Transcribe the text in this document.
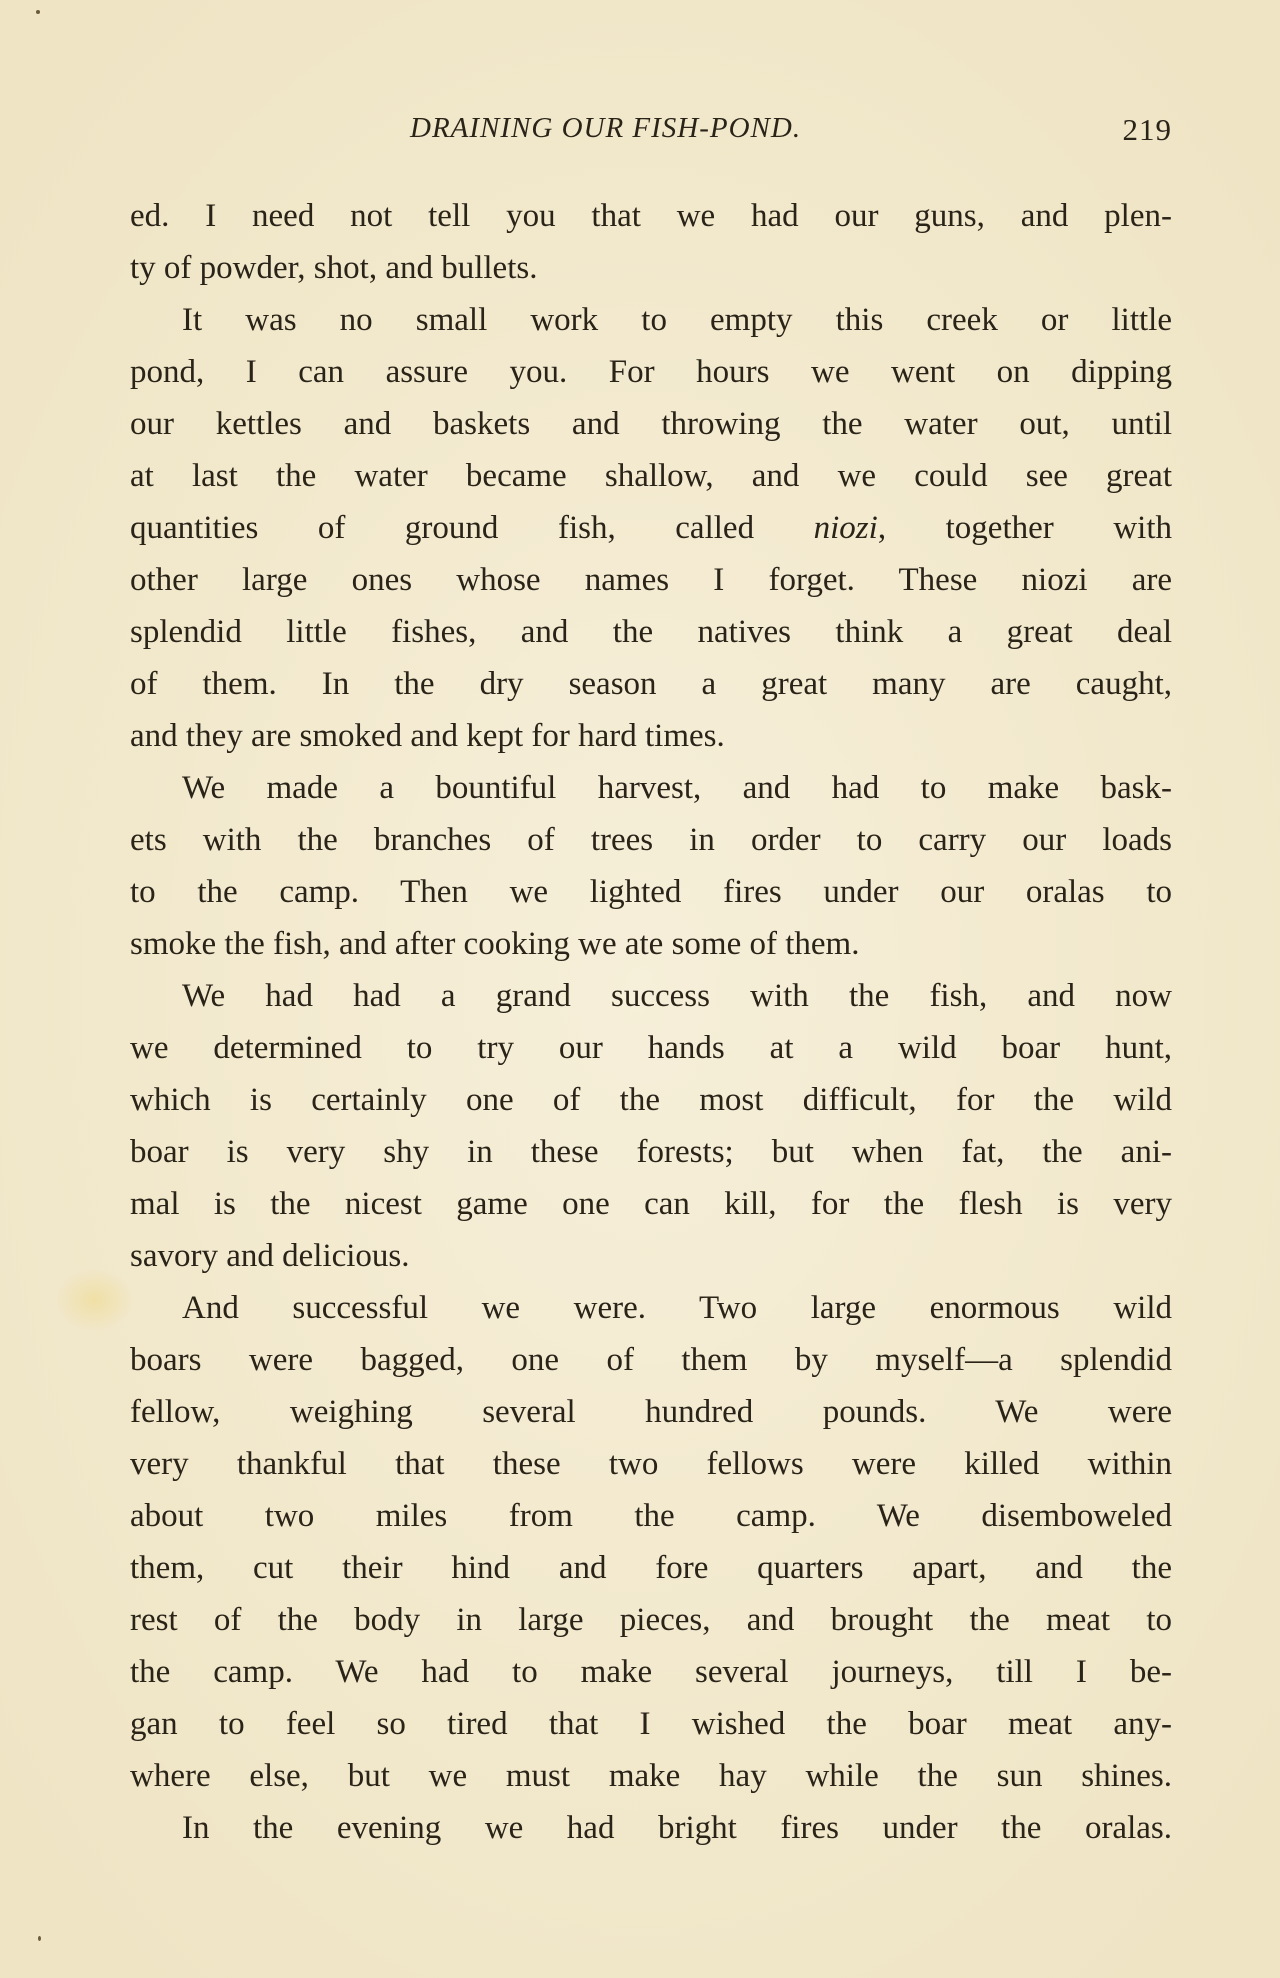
DRAINING OUR FISH-POND.	219

ed. I need not tell you that we had our guns, and plen-
ty of powder, shot, and bullets.

It was no small work to empty this creek or little
pond, I can assure you. For hours we went on dipping
our kettles and baskets and throwing the water out, until
at last the water became shallow, and we could see great
quantities of ground fish, called niozi, together with
other large ones whose names I forget. These niozi are
splendid little fishes, and the natives think a great deal
of them. In the dry season a great many are caught,
and they are smoked and kept for hard times.

We made a bountiful harvest, and had to make bask-
ets with the branches of trees in order to carry our loads
to the camp. Then we lighted fires under our oralas to
smoke the fish, and after cooking we ate some of them.

We had had a grand success with the fish, and now
we determined to try our hands at a wild boar hunt,
which is certainly one of the most difficult, for the wild
boar is very shy in these forests; but when fat, the ani-
mal is the nicest game one can kill, for the flesh is very
savory and delicious.

And successful we were. Two large enormous wild
boars were bagged, one of them by myself—a splendid
fellow, weighing several hundred pounds. We were
very thankful that these two fellows were killed within
about two miles from the camp. We disemboweled
them, cut their hind and fore quarters apart, and the
rest of the body in large pieces, and brought the meat to
the camp. We had to make several journeys, till I be-
gan to feel so tired that I wished the boar meat any-
where else, but we must make hay while the sun shines.

In the evening we had bright fires under the oralas.
